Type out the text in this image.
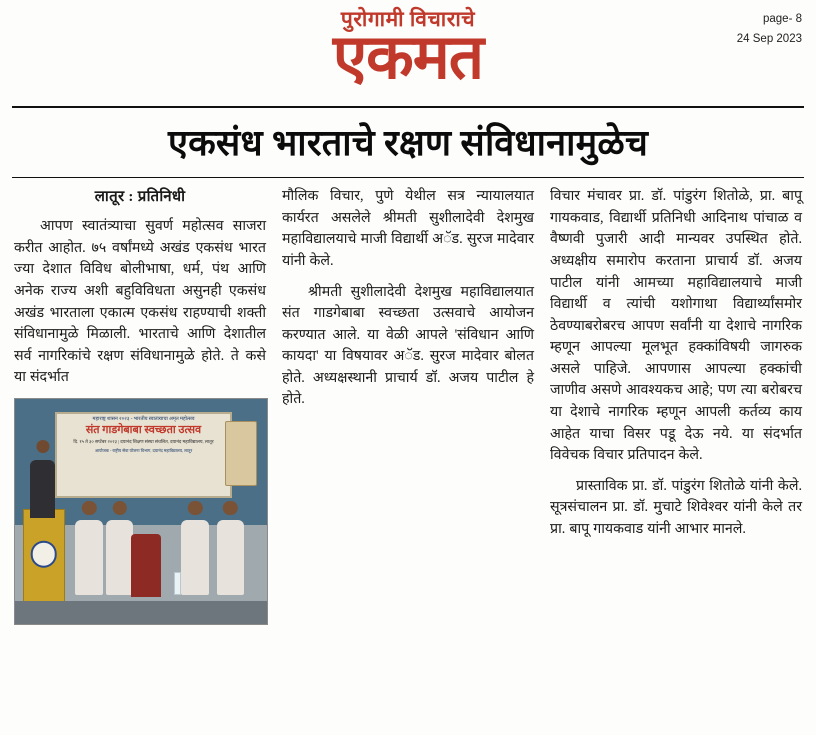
पुरोगामी विचाराचे
एकमत
page- 8
24 Sep 2023
एकसंध भारताचे रक्षण संविधानामुळेच
लातूर : प्रतिनिधी

आपण स्वातंत्र्याचा सुवर्ण महोत्सव साजरा करीत आहोत. ७५ वर्षांमध्ये अखंड एकसंध भारत ज्या देशात विविध बोलीभाषा, धर्म, पंथ आणि अनेक राज्य अशी बहुविविधता असुनही एकसंध अखंड भारताला एकात्म एकसंध राहण्याची शक्ती संविधानामुळे मिळाली. भारताचे आणि देशातील सर्व नागरिकांचे रक्षण संविधानामुळे होते. ते कसे या संदर्भात

महाराष्ट्र शासन २०२३ - भारतीय स्वातंत्र्याचा अमृत महोत्सव
संत गाडगेबाबा स्वच्छता उत्सव
दि. १५ ते ३० सप्टेंबर २०२३ | दयानंद शिक्षण संस्था संचलित, दयानंद महाविद्यालय, लातूर
आयोजक - राष्ट्रीय सेवा योजना विभाग, दयानंद महाविद्यालय, लातूर

मौलिक विचार, पुणे येथील सत्र न्यायालयात कार्यरत असलेले श्रीमती सुशीलादेवी देशमुख महाविद्यालयाचे माजी विद्यार्थी अॅड. सुरज मादेवार यांनी केले.

श्रीमती सुशीलादेवी देशमुख महाविद्यालयात संत गाडगेबाबा स्वच्छता उत्सवाचे आयोजन करण्यात आले. या वेळी आपले 'संविधान आणि कायदा' या विषयावर अॅड. सुरज मादेवार बोलत होते. अध्यक्षस्थानी प्राचार्य डॉ. अजय पाटील हे होते.

विचार मंचावर प्रा. डॉ. पांडुरंग शितोळे, प्रा. बापू गायकवाड, विद्यार्थी प्रतिनिधी आदिनाथ पांचाळ व वैष्णवी पुजारी आदी मान्यवर उपस्थित होते. अध्यक्षीय समारोप करताना प्राचार्य डॉ. अजय पाटील यांनी आमच्या महाविद्यालयाचे माजी विद्यार्थी व त्यांची यशोगाथा विद्यार्थ्यांसमोर ठेवण्याबरोबरच आपण सर्वांनी या देशाचे नागरिक म्हणून आपल्या मूलभूत हक्कांविषयी जागरुक असले पाहिजे. आपणास आपल्या हक्कांची जाणीव असणे आवश्यकच आहे; पण त्या बरोबरच या देशाचे नागरिक म्हणून आपली कर्तव्य काय आहेत याचा विसर पडू देऊ नये. या संदर्भात विवेचक विचार प्रतिपादन केले.

प्रास्ताविक प्रा. डॉ. पांडुरंग शितोळे यांनी केले. सूत्रसंचालन प्रा. डॉ. मुचाटे शिवेश्वर यांनी केले तर प्रा. बापू गायकवाड यांनी आभार मानले.
